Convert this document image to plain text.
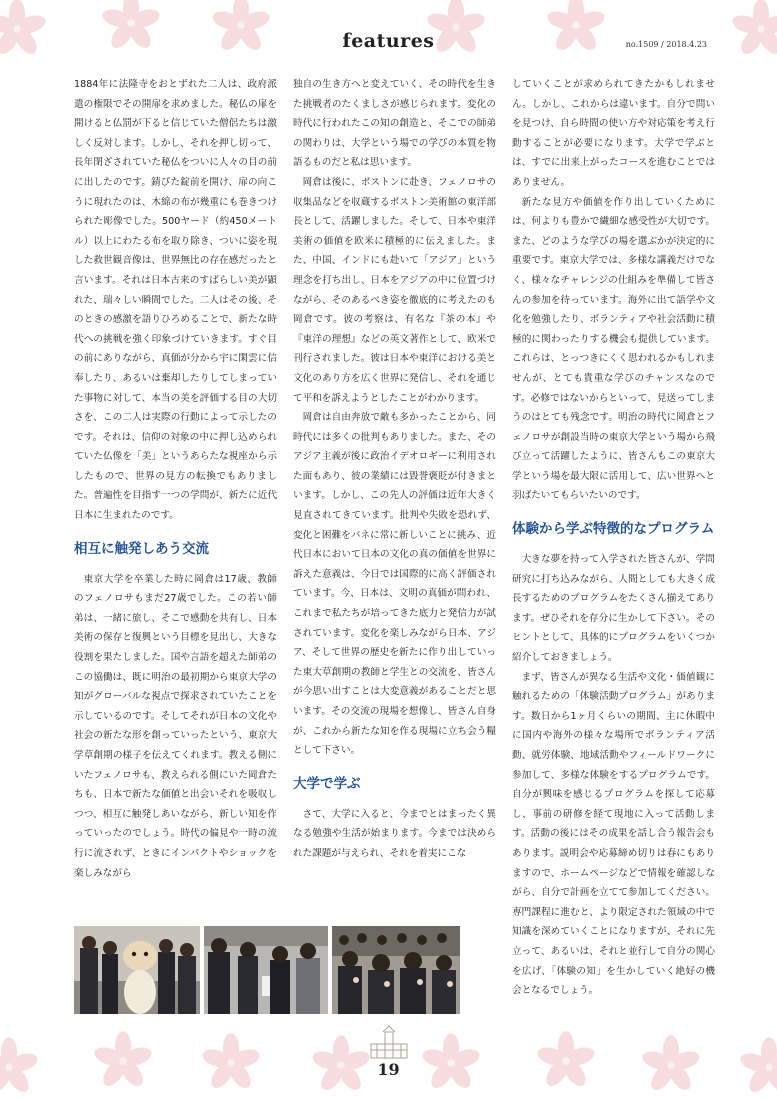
features	no.1509 / 2018.4.23

1884年に法隆寺をおとずれた二人は、政府派遣の権限でその開扉を求めました。秘仏の扉を開けると仏罰が下ると信じていた僧侶たちは激しく反対します。しかし、それを押し切って、長年閉ざされていた秘仏をついに人々の目の前に出したのです。錆びた錠前を開け、扉の向こうに現れたのは、木綿の布が幾重にも巻きつけられた彫像でした。500ヤード（約450メートル）以上にわたる布を取り除き、ついに姿を現した救世観音像は、世界無比の存在感だったと言います。それは日本古来のすばらしい美が顕れた、瑞々しい瞬間でした。二人はその後、そのときの感激を語りひろめることで、新たな時代への挑戦を強く印象づけていきます。すぐ目の前にありながら、真価が分から宇に閑雲に信奉したり、あるいは棄却したりしてしまっていた事物に対して、本当の美を評価する目の大切さを、この二人は実際の行動によって示したのです。それは、信仰の対象の中に押し込められていた仏像を「美」というあらたな視座から示したもので、世界の見方の転換でもありました。普遍性を目指す一つの学問が、新たに近代日本に生まれたのです。

相互に触発しあう交流

東京大学を卒業した時に岡倉は17歳、教師のフェノロサもまだ27歳でした。この若い師弟は、一緒に旅し、そこで感動を共有し、日本美術の保存と復興という目標を見出し、大きな役割を果たしました。国や言語を超えた師弟のこの協働は、既に明治の最初期から東京大学の知がグローバルな視点で探求されていたことを示しているのです。そしてそれが日本の文化や社会の新たな形を創っていったという、東京大学草創期の様子を伝えてくれます。教える側にいたフェノロサも、教えられる側にいた岡倉たちも、日本で新たな価値と出会いそれを吸収しつつ、相互に触発しあいながら、新しい知を作っていったのでしょう。時代の偏見や一時の流行に流されず、ときにインパクトやショックを楽しみながら

独自の生き方へと変えていく、その時代を生きた挑戦者のたくましさが感じられます。変化の時代に行われたこの知の創造と、そこでの師弟の関わりは、大学という場での学びの本質を物語るものだと私は思います。

岡倉は後に、ボストンに赴き、フェノロサの収集品などを収蔵するボストン美術館の東洋部長として、活躍しました。そして、日本や東洋美術の価値を欧米に積極的に伝えました。また、中国、インドにも赴いて「アジア」という理念を打ち出し、日本をアジアの中に位置づけながら、そのあるべき姿を徹底的に考えたのも岡倉です。彼の考察は、有名な『茶の本』や『東洋の理想』などの英文著作として、欧米で刊行されました。彼は日本や東洋における美と文化のあり方を広く世界に発信し、それを通じて平和を訴えようとしたことがわかります。

岡倉は自由奔放で敵も多かったことから、同時代には多くの批判もありました。また、そのアジア主義が後に政治イデオロギーに利用された面もあり、彼の業績には毀誉褒貶が付きまといます。しかし、この先人の評価は近年大きく見直されてきています。批判や失敗を恐れず、変化と困難をバネに常に新しいことに挑み、近代日本において日本の文化の真の価値を世界に訴えた意義は、今日では国際的に高く評価されています。今、日本は、文明の真価が問われ、これまで私たちが培ってきた底力と発信力が試されています。変化を楽しみながら日本、アジア、そして世界の歴史を新たに作り出していった東大草創期の教師と学生との交流を、皆さんが今思い出すことは大変意義があることだと思います。その交流の現場を想像し、皆さん自身が、これから新たな知を作る現場に立ち会う糧として下さい。

大学で学ぶ

さて、大学に入ると、今までとはまったく異なる勉強や生活が始まります。今までは決められた課題が与えられ、それを着実にこな

していくことが求められてきたかもしれません。しかし、これからは違います。自分で問いを見つけ、自ら時間の使い方や対応策を考え行動することが必要になります。大学で学ぶとは、すでに出来上がったコースを進むことではありません。

新たな見方や価値を作り出していくためには、何よりも豊かで繊細な感受性が大切です。また、どのような学びの場を選ぶかが決定的に重要です。東京大学では、多様な講義だけでなく、様々なチャレンジの仕組みを準備して皆さんの参加を待っています。海外に出て語学や文化を勉強したり、ボランティアや社会活動に積極的に関わったりする機会も提供しています。これらは、とっつきにくく思われるかもしれませんが、とても貴重な学びのチャンスなのです。必修ではないからといって、見送ってしまうのはとても残念です。明治の時代に岡倉とフェノロサが創設当時の東京大学という場から飛び立って活躍したように、皆さんもこの東京大学という場を最大限に活用して、広い世界へと羽ばたいてもらいたいのです。

体験から学ぶ特徴的なプログラム

大きな夢を持って入学された皆さんが、学問研究に打ち込みながら、人間としても大きく成長するためのプログラムをたくさん揃えてあります。ぜひそれを存分に生かして下さい。そのヒントとして、具体的にプログラムをいくつか紹介しておきましょう。

まず、皆さんが異なる生活や文化・価値観に触れるための「体験活動プログラム」があります。数日から1ヶ月くらいの期間、主に休暇中に国内や海外の様々な場所でボランティア活動、就労体験、地域活動やフィールドワークに参加して、多様な体験をするプログラムです。自分が興味を感じるプログラムを探して応募し、事前の研修を経て現地に入って活動します。活動の後にはその成果を話し合う報告会もあります。説明会や応募締め切りは春にもありますので、ホームページなどで情報を確認しながら、自分で計画を立てて参加してください。専門課程に進むと、より限定された領域の中で知識を深めていくことになりますが、それに先立って、あるいは、それと並行して自分の関心を広げ、「体験の知」を生かしていく絶好の機会となるでしょう。

19
